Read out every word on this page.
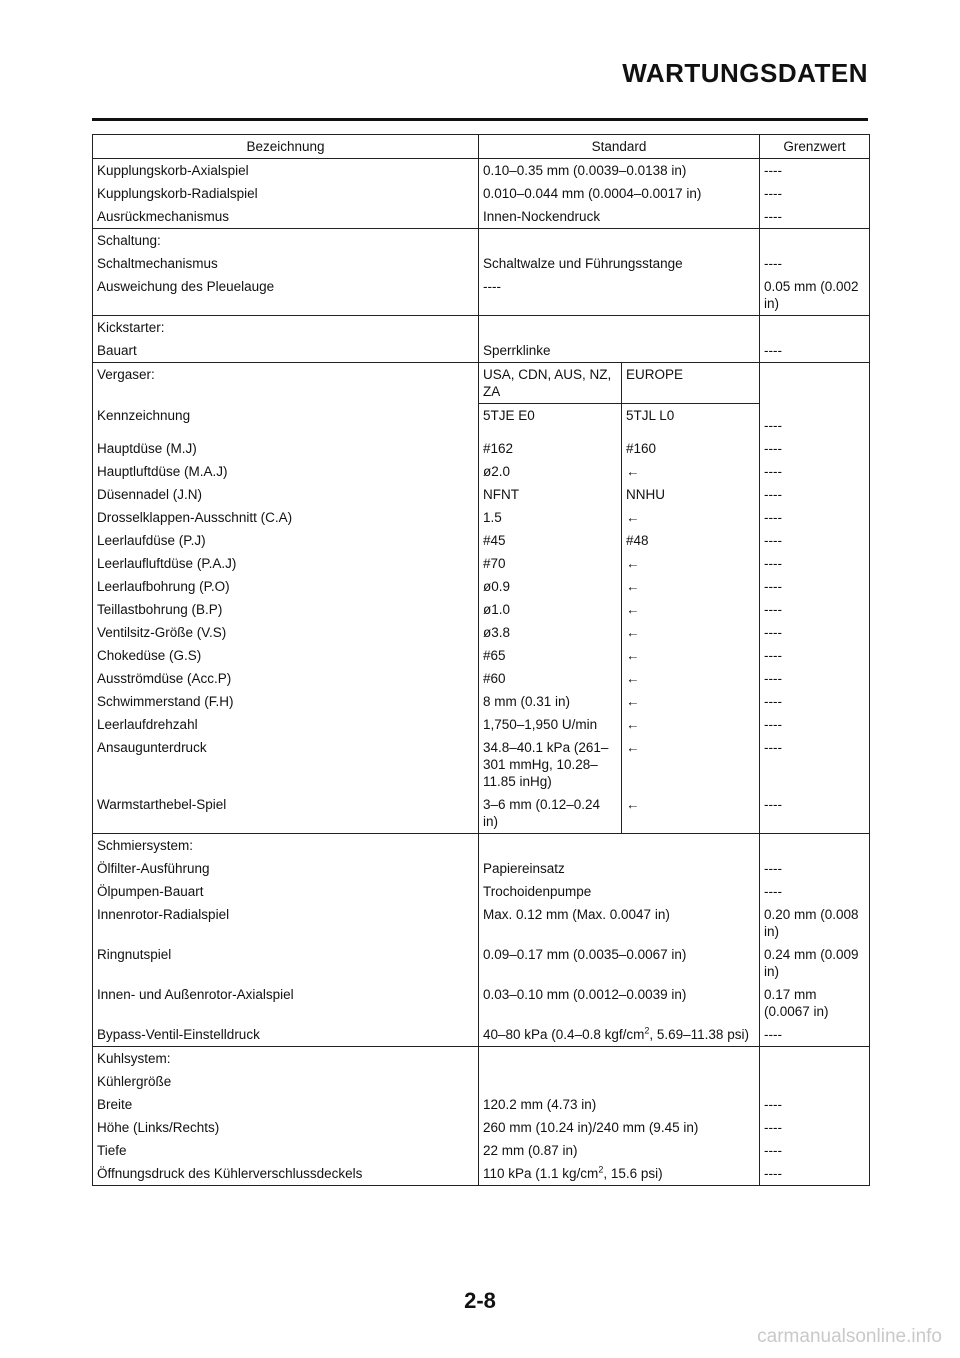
WARTUNGSDATEN
Bezeichnung	Standard		Grenzwert
Kupplungskorb-Axialspiel	0.10–0.35 mm (0.0039–0.0138 in)		----
Kupplungskorb-Radialspiel	0.010–0.044 mm (0.0004–0.0017 in)		----
Ausrückmechanismus	Innen-Nockendruck		----
Schaltung:			
Schaltmechanismus	Schaltwalze und Führungsstange		----
Ausweichung des Pleuelauge	----		0.05 mm (0.002 in)
Kickstarter:			
Bauart	Sperrklinke		----
Vergaser:	USA, CDN, AUS, NZ, ZA	EUROPE	
Kennzeichnung	5TJE E0	5TJL L0	----
Hauptdüse (M.J)	#162	#160	----
Hauptluftdüse (M.A.J)	ø2.0	←	----
Düsennadel (J.N)	NFNT	NNHU	----
Drosselklappen-Ausschnitt (C.A)	1.5	←	----
Leerlaufdüse (P.J)	#45	#48	----
Leerlaufluftdüse (P.A.J)	#70	←	----
Leerlaufbohrung (P.O)	ø0.9	←	----
Teillastbohrung (B.P)	ø1.0	←	----
Ventilsitz-Größe (V.S)	ø3.8	←	----
Chokedüse (G.S)	#65	←	----
Ausströmdüse (Acc.P)	#60	←	----
Schwimmerstand (F.H)	8 mm (0.31 in)	←	----
Leerlaufdrehzahl	1,750–1,950 U/min	←	----
Ansaugunterdruck	34.8–40.1 kPa (261–301 mmHg, 10.28–11.85 inHg)	←	----
Warmstarthebel-Spiel	3–6 mm (0.12–0.24 in)	←	----
Schmiersystem:			
Ölfilter-Ausführung	Papiereinsatz		----
Ölpumpen-Bauart	Trochoidenpumpe		----
Innenrotor-Radialspiel	Max. 0.12 mm (Max. 0.0047 in)		0.20 mm (0.008 in)
Ringnutspiel	0.09–0.17 mm (0.0035–0.0067 in)		0.24 mm (0.009 in)
Innen- und Außenrotor-Axialspiel	0.03–0.10 mm (0.0012–0.0039 in)		0.17 mm (0.0067 in)
Bypass-Ventil-Einstelldruck	40–80 kPa (0.4–0.8 kgf/$cm^2$, 5.69–11.38 psi)		----
Kuhlsystem:			
Kühlergröße			
Breite	120.2 mm (4.73 in)		----
Höhe (Links/Rechts)	260 mm (10.24 in)/240 mm (9.45 in)		----
Tiefe	22 mm (0.87 in)		----
Öffnungsdruck des Kühlerverschlussdeckels	110 kPa (1.1 $kg/cm^2$, 15.6 psi)		----
2-8
carmanualsonline.info
